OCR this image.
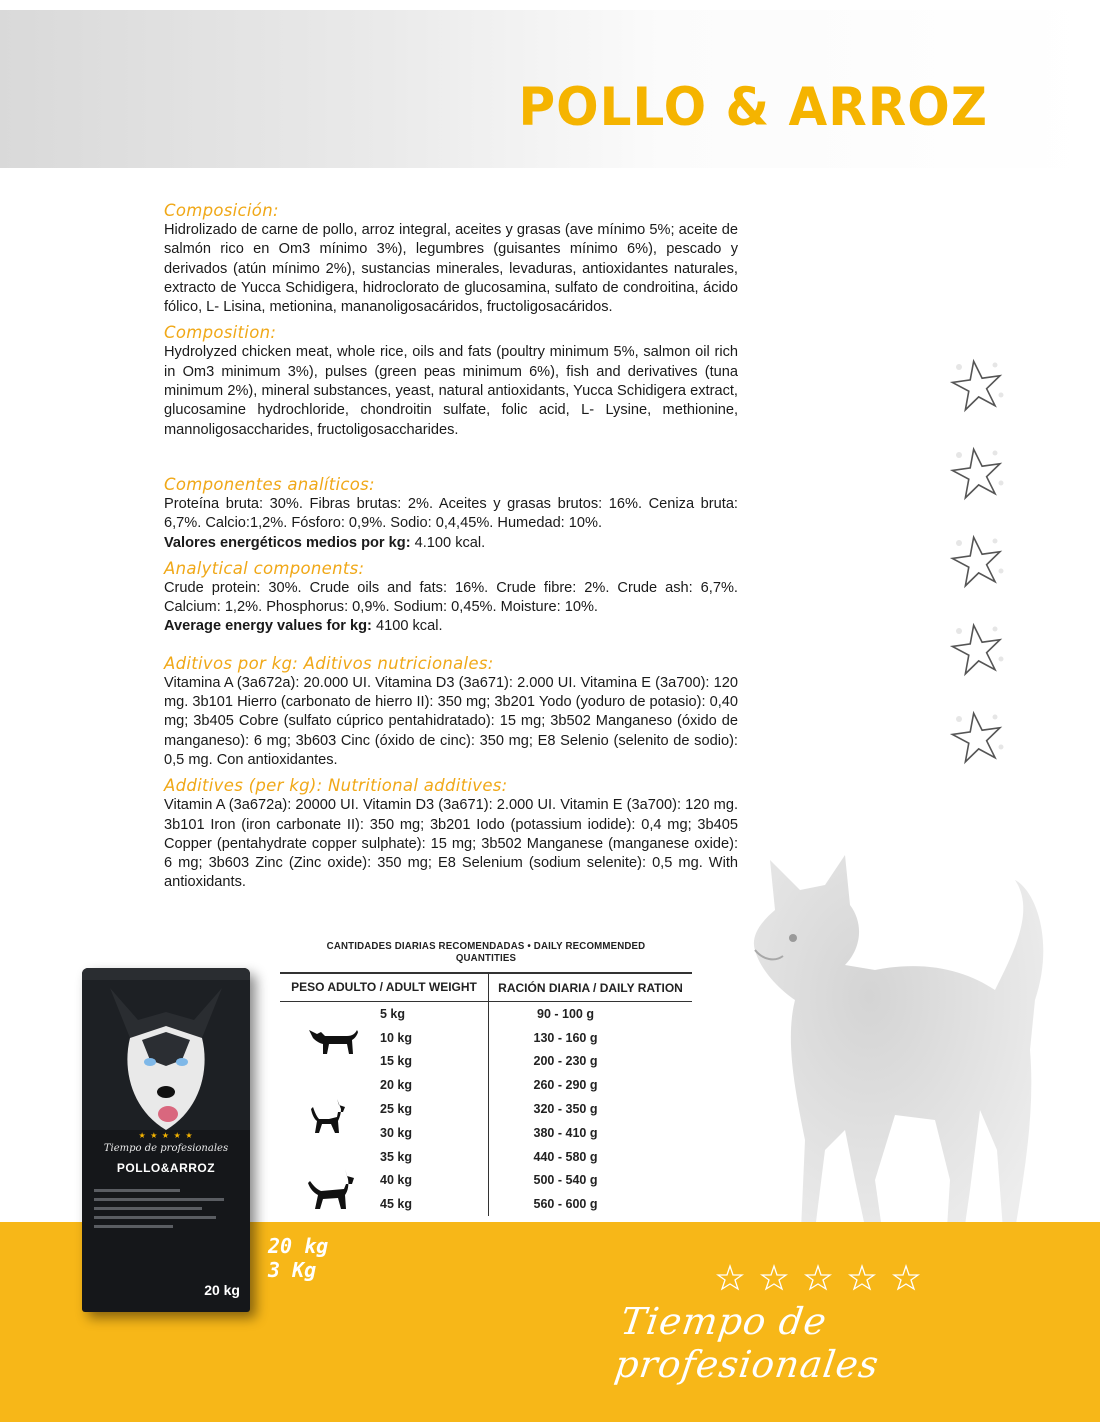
POLLO & ARROZ

Composición:

Hidrolizado de carne de pollo, arroz integral, aceites y grasas (ave mínimo 5%; aceite de salmón rico en Om3 mínimo 3%), legumbres (guisantes mínimo 6%), pescado y derivados (atún mínimo 2%), sustancias minerales, levaduras, antioxidantes naturales, extracto de Yucca Schidigera, hidroclorato de glucosamina, sulfato de condroitina, ácido fólico, L- Lisina, metionina, mananoligosacáridos, fructoligosacáridos.

Composition:

Hydrolyzed chicken meat, whole rice, oils and fats (poultry minimum 5%, salmon oil rich in Om3 minimum 3%), pulses (green peas minimum 6%), fish and derivatives (tuna minimum 2%), mineral substances, yeast, natural antioxidants, Yucca Schidigera extract, glucosamine hydrochloride, chondroitin sulfate, folic acid, L- Lysine, methionine, mannoligosaccharides, fructoligosaccharides.

Componentes analíticos:

Proteína bruta: 30%. Fibras brutas: 2%. Aceites y grasas brutos: 16%. Ceniza bruta: 6,7%. Calcio:1,2%. Fósforo: 0,9%. Sodio: 0,4,45%. Humedad: 10%.

Valores energéticos medios por kg: 4.100 kcal.

Analytical components:

Crude protein: 30%. Crude oils and fats: 16%. Crude fibre: 2%. Crude ash: 6,7%. Calcium: 1,2%. Phosphorus: 0,9%. Sodium: 0,45%. Moisture: 10%.

Average energy values for kg: 4100 kcal.

Aditivos por kg: Aditivos nutricionales:

Vitamina A (3a672a): 20.000 UI. Vitamina D3 (3a671): 2.000 UI. Vitamina E (3a700): 120 mg. 3b101 Hierro (carbonato de hierro II): 350 mg; 3b201 Yodo (yoduro de potasio): 0,40 mg; 3b405 Cobre (sulfato cúprico pentahidratado): 15 mg; 3b502 Manganeso (óxido de manganeso): 6 mg; 3b603 Cinc (óxido de cinc): 350 mg; E8 Selenio (selenito de sodio): 0,5 mg. Con antioxidantes.

Additives (per kg): Nutritional additives:

Vitamin A (3a672a): 20000 UI. Vitamin D3 (3a671): 2.000 UI. Vitamin E (3a700): 120 mg. 3b101 Iron (iron carbonate II): 350 mg; 3b201 Iodo (potassium iodide): 0,4 mg; 3b405 Copper (pentahydrate copper sulphate): 15 mg; 3b502 Manganese (manganese oxide): 6 mg; 3b603 Zinc (Zinc oxide): 350 mg; E8 Selenium (sodium selenite): 0,5 mg. With antioxidants.

★ ★ ★ ★ ★
Tiempo de profesionales
POLLO&ARROZ
20 kg
20 kg
3 Kg
CANTIDADES DIARIAS RECOMENDADAS • DAILY RECOMMENDED QUANTITIES
PESO ADULTO / ADULT WEIGHT	RACIÓN DIARIA / DAILY RATION
5 kg	90 - 100 g
10 kg	130 - 160 g
15 kg	200 - 230 g
20 kg	260 - 290 g
25 kg	320 - 350 g
30 kg	380 - 410 g
35 kg	440 - 580 g
40 kg	500 - 540 g
45 kg	560 - 600 g
Tiempo de profesionales
